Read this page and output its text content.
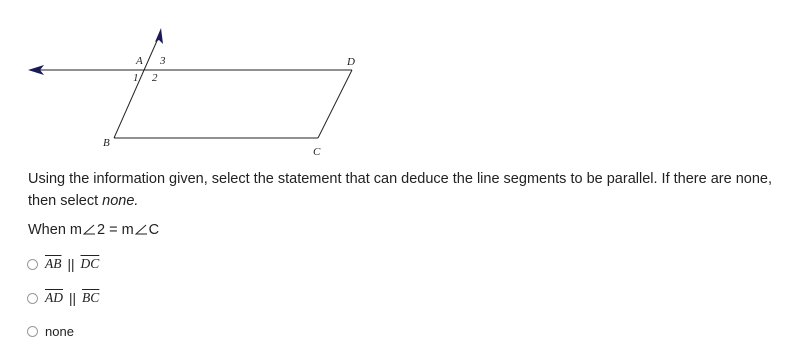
A 3
1 2
D
B
C
Using the information given, select the statement that can deduce the line segments to be parallel. If there are none, then select none.
When m 2 = m C
$\overline{AB}$ || $\overline{DC}$
$\overline{AD}$ || $\overline{BC}$
none
